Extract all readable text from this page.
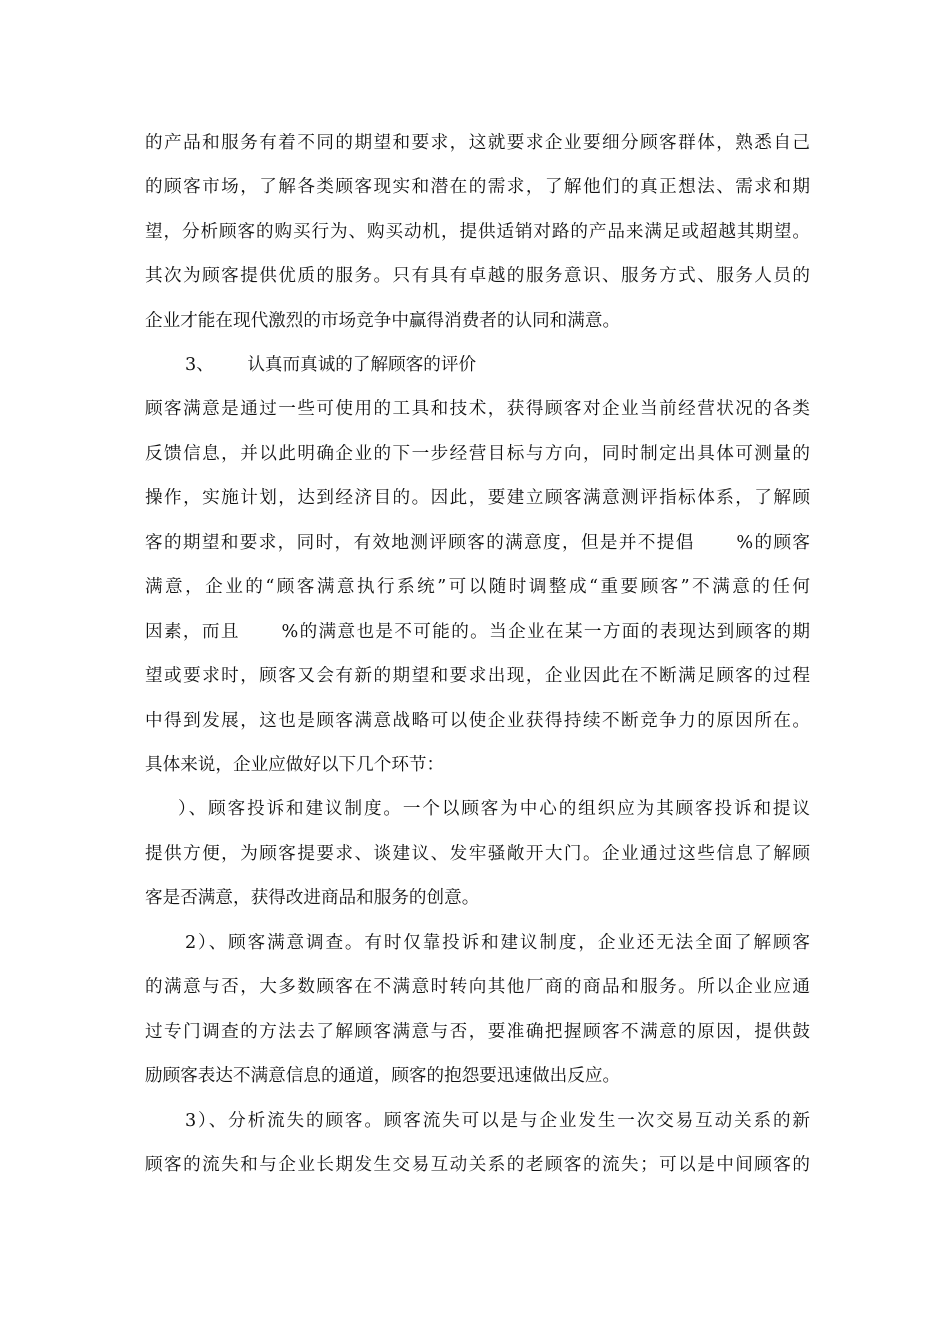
的产品和服务有着不同的期望和要求，这就要求企业要细分顾客群体，熟悉自己
的顾客市场，了解各类顾客现实和潜在的需求，了解他们的真正想法、需求和期
望，分析顾客的购买行为、购买动机，提供适销对路的产品来满足或超越其期望。
其次为顾客提供优质的服务。只有具有卓越的服务意识、服务方式、服务人员的
企业才能在现代激烈的市场竞争中赢得消费者的认同和满意。
3、      认真而真诚的了解顾客的评价
顾客满意是通过一些可使用的工具和技术，获得顾客对企业当前经营状况的各类
反馈信息，并以此明确企业的下一步经营目标与方向，同时制定出具体可测量的
操作，实施计划，达到经济目的。因此，要建立顾客满意测评指标体系，了解顾
客的期望和要求，同时，有效地测评顾客的满意度，但是并不提倡      %的顾客
满意，企业的“顾客满意执行系统”可以随时调整成“重要顾客”不满意的任何
因素，而且      %的满意也是不可能的。当企业在某一方面的表现达到顾客的期
望或要求时，顾客又会有新的期望和要求出现，企业因此在不断满足顾客的过程
中得到发展，这也是顾客满意战略可以使企业获得持续不断竞争力的原因所在。
具体来说，企业应做好以下几个环节：
）、顾客投诉和建议制度。一个以顾客为中心的组织应为其顾客投诉和提议
提供方便，为顾客提要求、谈建议、发牢骚敞开大门。企业通过这些信息了解顾
客是否满意，获得改进商品和服务的创意。
2）、顾客满意调查。有时仅靠投诉和建议制度，企业还无法全面了解顾客
的满意与否，大多数顾客在不满意时转向其他厂商的商品和服务。所以企业应通
过专门调查的方法去了解顾客满意与否，要准确把握顾客不满意的原因，提供鼓
励顾客表达不满意信息的通道，顾客的抱怨要迅速做出反应。
3）、分析流失的顾客。顾客流失可以是与企业发生一次交易互动关系的新
顾客的流失和与企业长期发生交易互动关系的老顾客的流失；可以是中间顾客的
